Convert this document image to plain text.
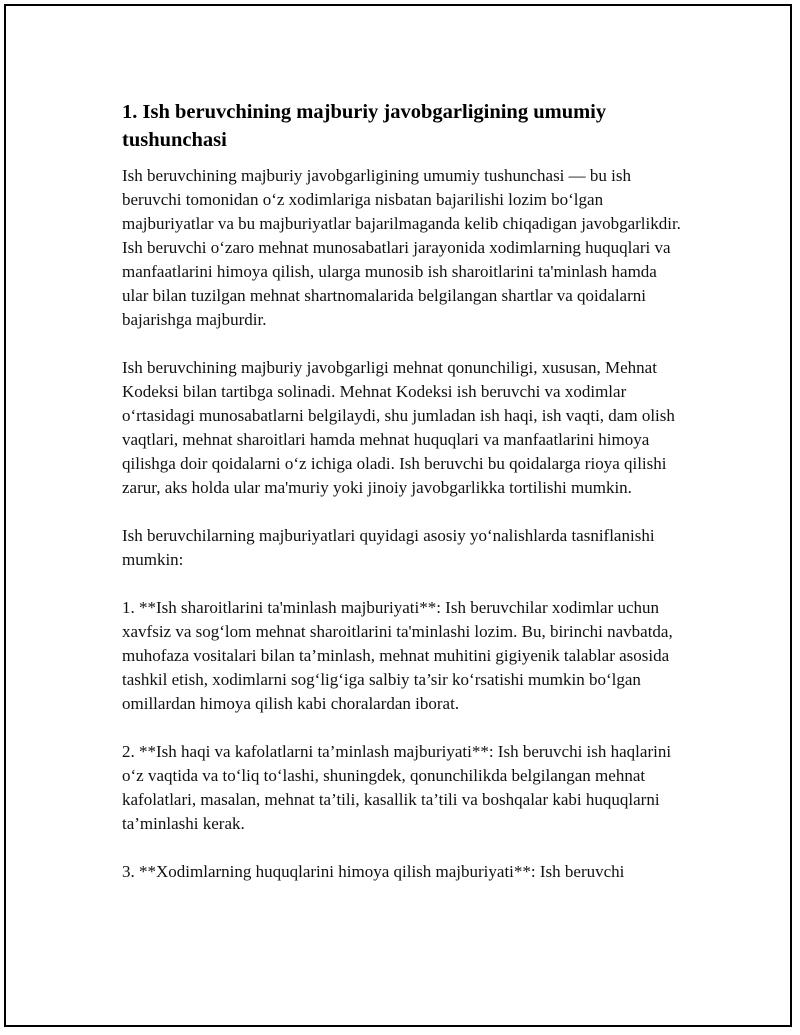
1. Ish beruvchining majburiy javobgarligining umumiy tushunchasi

Ish beruvchining majburiy javobgarligining umumiy tushunchasi — bu ish beruvchi tomonidan o‘z xodimlariga nisbatan bajarilishi lozim bo‘lgan majburiyatlar va bu majburiyatlar bajarilmaganda kelib chiqadigan javobgarlikdir. Ish beruvchi o‘zaro mehnat munosabatlari jarayonida xodimlarning huquqlari va manfaatlarini himoya qilish, ularga munosib ish sharoitlarini ta'minlash hamda ular bilan tuzilgan mehnat shartnomalarida belgilangan shartlar va qoidalarni bajarishga majburdir.

Ish beruvchining majburiy javobgarligi mehnat qonunchiligi, xususan, Mehnat Kodeksi bilan tartibga solinadi. Mehnat Kodeksi ish beruvchi va xodimlar o‘rtasidagi munosabatlarni belgilaydi, shu jumladan ish haqi, ish vaqti, dam olish vaqtlari, mehnat sharoitlari hamda mehnat huquqlari va manfaatlarini himoya qilishga doir qoidalarni o‘z ichiga oladi. Ish beruvchi bu qoidalarga rioya qilishi zarur, aks holda ular ma'muriy yoki jinoiy javobgarlikka tortilishi mumkin.

Ish beruvchilarning majburiyatlari quyidagi asosiy yo‘nalishlarda tasniflanishi mumkin:

1. **Ish sharoitlarini ta'minlash majburiyati**: Ish beruvchilar xodimlar uchun xavfsiz va sog‘lom mehnat sharoitlarini ta'minlashi lozim. Bu, birinchi navbatda, muhofaza vositalari bilan ta’minlash, mehnat muhitini gigiyenik talablar asosida tashkil etish, xodimlarni sog‘lig‘iga salbiy ta’sir ko‘rsatishi mumkin bo‘lgan omillardan himoya qilish kabi choralardan iborat.

2. **Ish haqi va kafolatlarni ta’minlash majburiyati**: Ish beruvchi ish haqlarini o‘z vaqtida va to‘liq to‘lashi, shuningdek, qonunchilikda belgilangan mehnat kafolatlari, masalan, mehnat ta’tili, kasallik ta’tili va boshqalar kabi huquqlarni ta’minlashi kerak.

3. **Xodimlarning huquqlarini himoya qilish majburiyati**: Ish beruvchi
